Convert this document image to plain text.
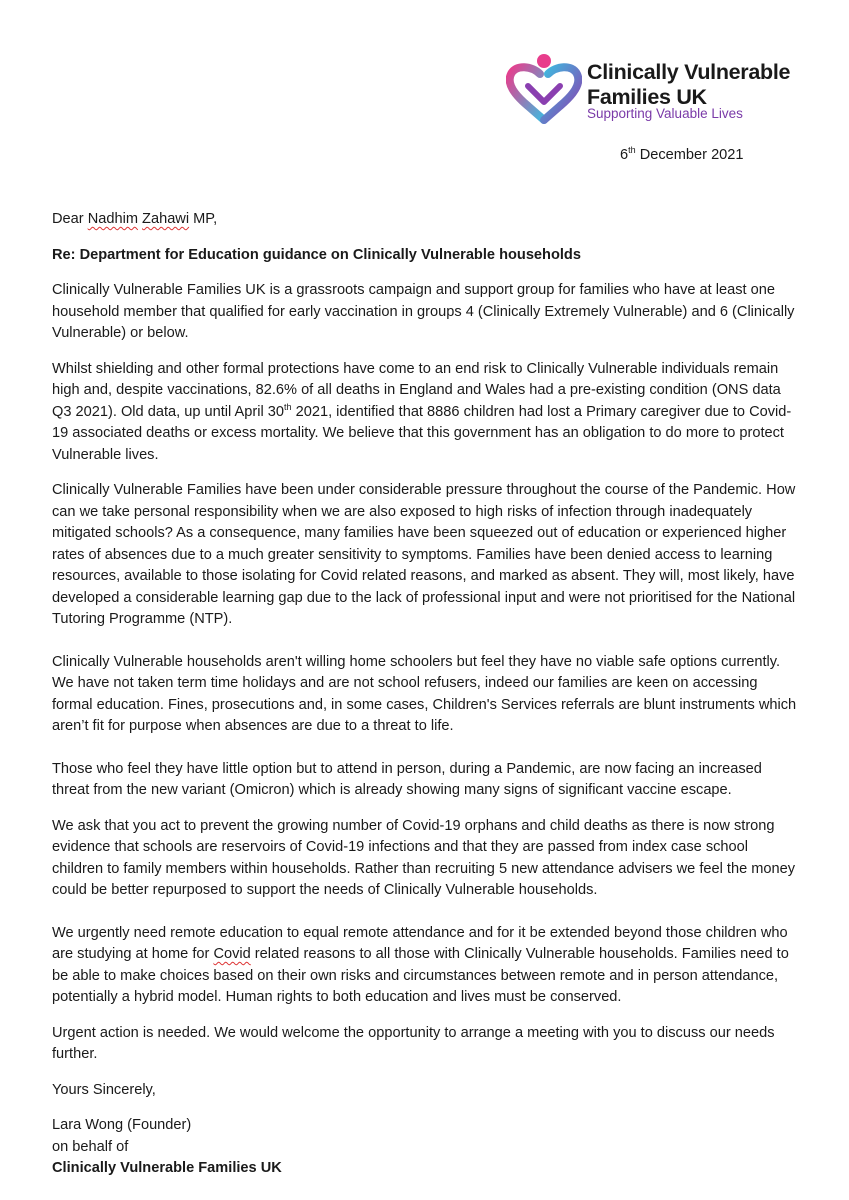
Clinically Vulnerable
Families UK
Supporting Valuable Lives
6th December 2021

Dear Nadhim Zahawi MP,

Re: Department for Education guidance on Clinically Vulnerable households

Clinically Vulnerable Families UK is a grassroots campaign and support group for families who have at least one household member that qualified for early vaccination in groups 4 (Clinically Extremely Vulnerable) and 6 (Clinically Vulnerable) or below.

Whilst shielding and other formal protections have come to an end risk to Clinically Vulnerable individuals remain high and, despite vaccinations, 82.6% of all deaths in England and Wales had a pre-existing condition (ONS data Q3 2021). Old data, up until April 30th 2021, identified that 8886 children had lost a Primary caregiver due to Covid-19 associated deaths or excess mortality. We believe that this government has an obligation to do more to protect Vulnerable lives.

Clinically Vulnerable Families have been under considerable pressure throughout the course of the Pandemic. How can we take personal responsibility when we are also exposed to high risks of infection through inadequately mitigated schools? As a consequence, many families have been squeezed out of education or experienced higher rates of absences due to a much greater sensitivity to symptoms. Families have been denied access to learning resources, available to those isolating for Covid related reasons, and marked as absent. They will, most likely, have developed a considerable learning gap due to the lack of professional input and were not prioritised for the National Tutoring Programme (NTP).

Clinically Vulnerable households aren't willing home schoolers but feel they have no viable safe options currently. We have not taken term time holidays and are not school refusers, indeed our families are keen on accessing formal education. Fines, prosecutions and, in some cases, Children's Services referrals are blunt instruments which aren’t fit for purpose when absences are due to a threat to life.

Those who feel they have little option but to attend in person, during a Pandemic, are now facing an increased threat from the new variant (Omicron) which is already showing many signs of significant vaccine escape.

We ask that you act to prevent the growing number of Covid-19 orphans and child deaths as there is now strong evidence that schools are reservoirs of Covid-19 infections and that they are passed from index case school children to family members within households. Rather than recruiting 5 new attendance advisers we feel the money could be better repurposed to support the needs of Clinically Vulnerable households.

We urgently need remote education to equal remote attendance and for it be extended beyond those children who are studying at home for Covid related reasons to all those with Clinically Vulnerable households. Families need to be able to make choices based on their own risks and circumstances between remote and in person attendance, potentially a hybrid model. Human rights to both education and lives must be conserved.

Urgent action is needed. We would welcome the opportunity to arrange a meeting with you to discuss our needs further.

Yours Sincerely,

Lara Wong (Founder)

on behalf of

Clinically Vulnerable Families UK
